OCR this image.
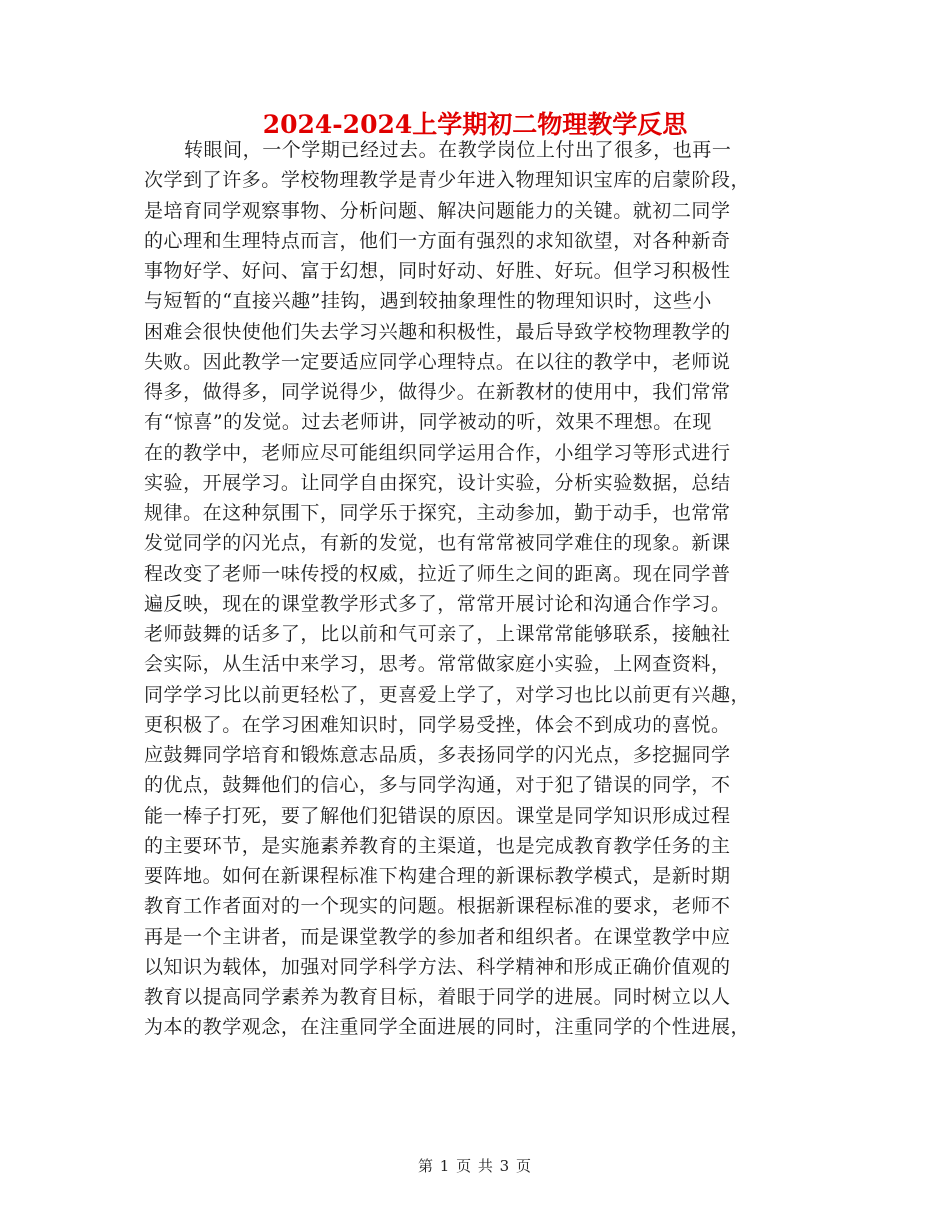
2024-2024上学期初二物理教学反思
转眼间，一个学期已经过去。在教学岗位上付出了很多，也再一
次学到了许多。学校物理教学是青少年进入物理知识宝库的启蒙阶段，
是培育同学观察事物、分析问题、解决问题能力的关键。就初二同学
的心理和生理特点而言，他们一方面有强烈的求知欲望，对各种新奇
事物好学、好问、富于幻想，同时好动、好胜、好玩。但学习积极性
与短暂的“直接兴趣”挂钩，遇到较抽象理性的物理知识时，这些小
困难会很快使他们失去学习兴趣和积极性，最后导致学校物理教学的
失败。因此教学一定要适应同学心理特点。在以往的教学中，老师说
得多，做得多，同学说得少，做得少。在新教材的使用中，我们常常
有“惊喜”的发觉。过去老师讲，同学被动的听，效果不理想。在现
在的教学中，老师应尽可能组织同学运用合作，小组学习等形式进行
实验，开展学习。让同学自由探究，设计实验，分析实验数据，总结
规律。在这种氛围下，同学乐于探究，主动参加，勤于动手，也常常
发觉同学的闪光点，有新的发觉，也有常常被同学难住的现象。新课
程改变了老师一味传授的权威，拉近了师生之间的距离。现在同学普
遍反映，现在的课堂教学形式多了，常常开展讨论和沟通合作学习。
老师鼓舞的话多了，比以前和气可亲了，上课常常能够联系，接触社
会实际，从生活中来学习，思考。常常做家庭小实验，上网查资料，
同学学习比以前更轻松了，更喜爱上学了，对学习也比以前更有兴趣，
更积极了。在学习困难知识时，同学易受挫，体会不到成功的喜悦。
应鼓舞同学培育和锻炼意志品质，多表扬同学的闪光点，多挖掘同学
的优点，鼓舞他们的信心，多与同学沟通，对于犯了错误的同学，不
能一棒子打死，要了解他们犯错误的原因。课堂是同学知识形成过程
的主要环节，是实施素养教育的主渠道，也是完成教育教学任务的主
要阵地。如何在新课程标准下构建合理的新课标教学模式，是新时期
教育工作者面对的一个现实的问题。根据新课程标准的要求，老师不
再是一个主讲者，而是课堂教学的参加者和组织者。在课堂教学中应
以知识为载体，加强对同学科学方法、科学精神和形成正确价值观的
教育以提高同学素养为教育目标，着眼于同学的进展。同时树立以人
为本的教学观念，在注重同学全面进展的同时，注重同学的个性进展，
第 1 页 共 3 页
